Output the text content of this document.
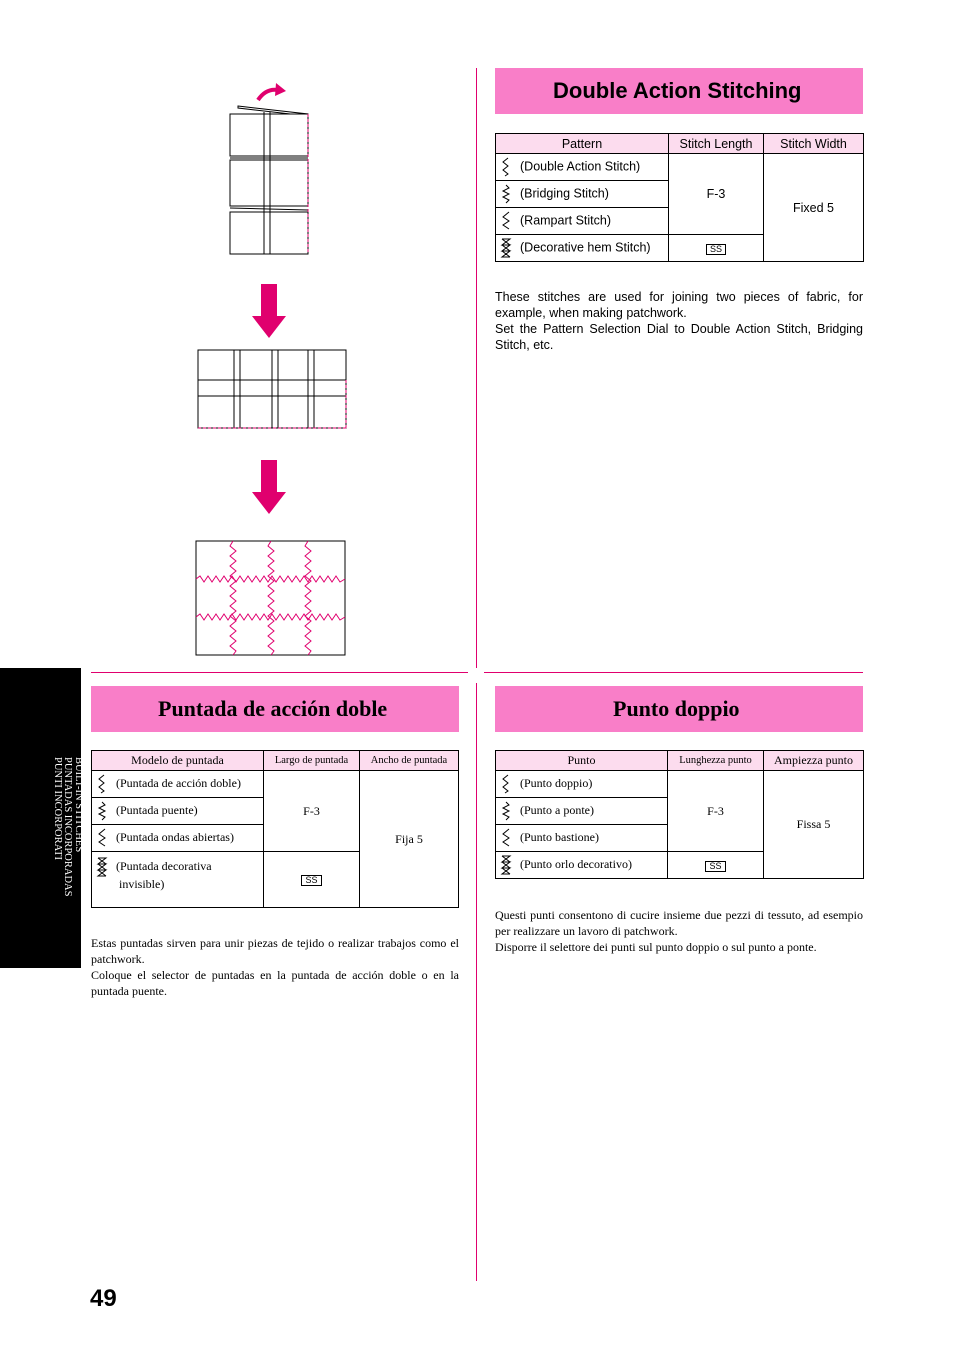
Double Action Stitching
Pattern	Stitch Length	Stitch Width
(Double Action Stitch)	F-3	Fixed 5
(Bridging Stitch)		
(Rampart Stitch)		
(Decorative hem Stitch)	SS	

These stitches are used for joining two pieces of fabric, for example, when making patchwork.

Set the Pattern Selection Dial to Double Action Stitch, Bridging Stitch, etc.

Puntada de acción doble
Modelo de puntada	Largo de puntada	Ancho de puntada
(Puntada de acción doble)	F-3	Fija 5
(Puntada puente)		
(Puntada ondas abiertas)		
(Puntada decorativa
invisible)	SS	

Estas puntadas sirven para unir piezas de tejido o realizar trabajos como el patchwork.

Coloque el selector de puntadas en la puntada de acción doble o en la puntada puente.

Punto doppio
Punto	Lunghezza punto	Ampiezza punto
(Punto doppio)	F-3	Fissa 5
(Punto a ponte)		
(Punto bastione)		
(Punto orlo decorativo)	SS	

Questi punti consentono di cucire insieme due pezzi di tessuto, ad esempio per realizzare un lavoro di patchwork.

Disporre il selettore dei punti sul punto doppio o sul punto a ponte.

BUILT-IN STITCHES
PUNTADAS INCORPORADAS
PUNTI INCORPORATI
49
